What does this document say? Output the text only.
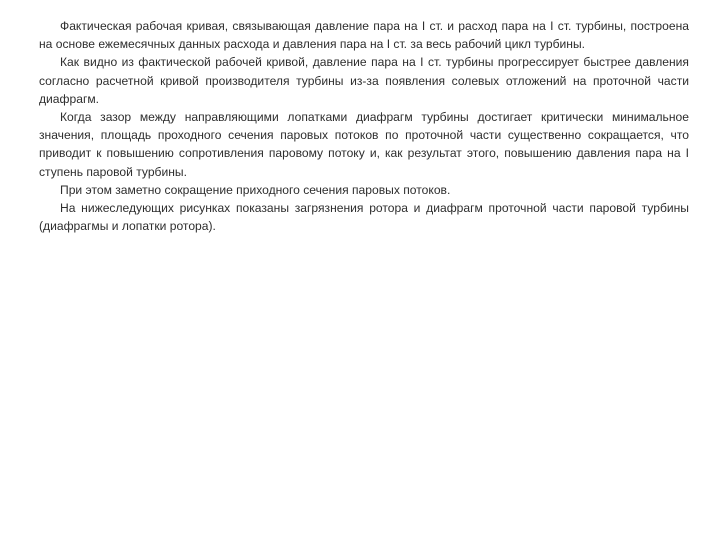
Фактическая рабочая кривая, связывающая давление пара на I ст. и расход пара на I ст. турбины, построена на основе ежемесячных данных расхода и давления пара на I ст. за весь рабочий цикл турбины.

Как видно из фактической рабочей кривой, давление пара на I ст. турбины прогрессирует быстрее давления согласно расчетной кривой производителя турбины из-за появления солевых отложений на проточной части диафрагм.

Когда зазор между направляющими лопатками диафрагм турбины достигает критически минимальное значения, площадь проходного сечения паровых потоков по проточной части существенно сокращается, что приводит к повышению сопротивления паровому потоку и, как результат этого, повышению давления пара на I ступень паровой турбины.

При этом заметно сокращение приходного сечения паровых потоков.

На нижеследующих рисунках показаны загрязнения ротора и диафрагм проточной части паровой турбины (диафрагмы и лопатки ротора).
